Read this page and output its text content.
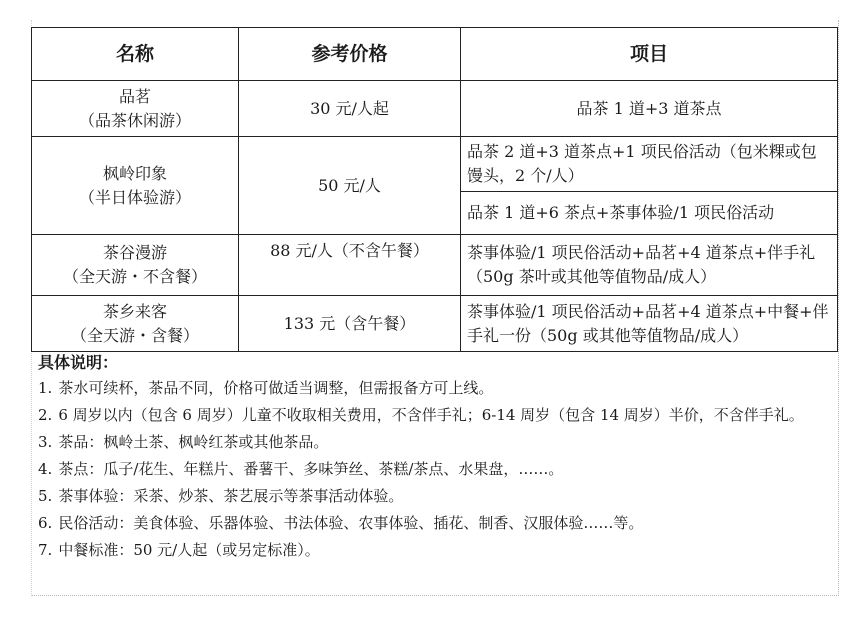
名称	参考价格	项目

品茗
（品茶休闲游）	30 元/人起	品茶 1 道+3 道茶点

枫岭印象
（半日体验游）	50 元/人	品茶 2 道+3 道茶点+1 项民俗活动（包米粿或包馒头，2 个/人）
		品茶 1 道+6 茶点+茶事体验/1 项民俗活动

茶谷漫游
（全天游・不含餐）	88 元/人（不含午餐）	茶事体验/1 项民俗活动+品茗+4 道茶点+伴手礼（50g 茶叶或其他等值物品/成人）

茶乡来客
（全天游・含餐）	133 元（含午餐）	茶事体验/1 项民俗活动+品茗+4 道茶点+中餐+伴手礼一份（50g 或其他等值物品/成人）
具体说明：
1. 茶水可续杯，茶品不同，价格可做适当调整，但需报备方可上线。
2. 6 周岁以内（包含 6 周岁）儿童不收取相关费用，不含伴手礼；6-14 周岁（包含 14 周岁）半价，不含伴手礼。
3. 茶品：枫岭土茶、枫岭红茶或其他茶品。
4. 茶点：瓜子/花生、年糕片、番薯干、多味笋丝、茶糕/茶点、水果盘，……。
5. 茶事体验：采茶、炒茶、茶艺展示等茶事活动体验。
6. 民俗活动：美食体验、乐器体验、书法体验、农事体验、插花、制香、汉服体验……等。
7. 中餐标准：50 元/人起（或另定标准）。
